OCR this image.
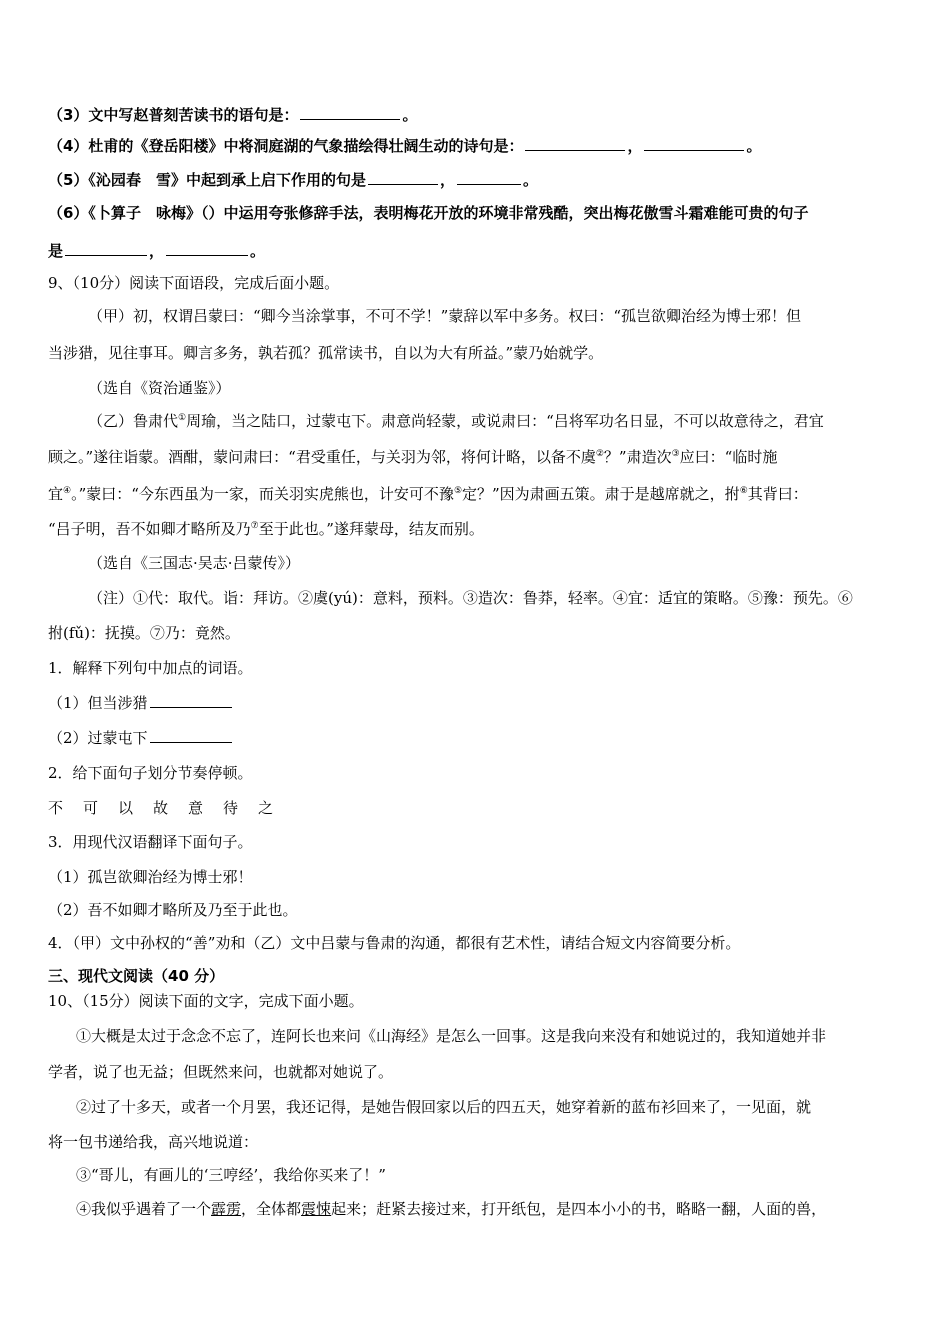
（3）文中写赵普刻苦读书的语句是：	。
（4）杜甫的《登岳阳楼》中将洞庭湖的气象描绘得壮阔生动的诗句是：	，	。
（5）《沁园春　雪》中起到承上启下作用的句是	，	。
（6）《卜算子　咏梅》（）中运用夸张修辞手法，表明梅花开放的环境非常残酷，突出梅花傲雪斗霜难能可贵的句子
是	，	。
9、（10分）阅读下面语段，完成后面小题。
（甲）初，权谓吕蒙曰：“卿今当涂掌事，不可不学！”蒙辞以军中多务。权曰：“孤岂欲卿治经为博士邪！但
当涉猎，见往事耳。卿言多务，孰若孤？孤常读书，自以为大有所益。”蒙乃始就学。
（选自《资治通鉴》）
（乙）鲁肃代①周瑜，当之陆口，过蒙屯下。肃意尚轻蒙，或说肃曰：“吕将军功名日显，不可以故意待之，君宜
顾之。”遂往诣蒙。酒酣，蒙问肃曰：“君受重任，与关羽为邻，将何计略，以备不虞②？”肃造次③应曰：“临时施
宜④。”蒙曰：“今东西虽为一家，而关羽实虎熊也，计安可不豫⑤定？”因为肃画五策。肃于是越席就之，拊⑥其背曰：
“吕子明，吾不如卿才略所及乃⑦至于此也。”遂拜蒙母，结友而别。
（选自《三国志·吴志·吕蒙传》）
（注）①代：取代。诣：拜访。②虞(yú)：意料，预料。③造次：鲁莽，轻率。④宜：适宜的策略。⑤豫：预先。⑥
拊(fǔ)：抚摸。⑦乃：竟然。
1．解释下列句中加点的词语。
（1）但当涉猎
（2）过蒙屯下
2．给下面句子划分节奏停顿。
不可以故意待之
3．用现代汉语翻译下面句子。
（1）孤岂欲卿治经为博士邪！
（2）吾不如卿才略所及乃至于此也。
4．（甲）文中孙权的“善”劝和（乙）文中吕蒙与鲁肃的沟通，都很有艺术性，请结合短文内容简要分析。
三、现代文阅读（40 分）
10、（15分）阅读下面的文字，完成下面小题。
①大概是太过于念念不忘了，连阿长也来问《山海经》是怎么一回事。这是我向来没有和她说过的，我知道她并非
学者，说了也无益；但既然来问，也就都对她说了。
②过了十多天，或者一个月罢，我还记得，是她告假回家以后的四五天，她穿着新的蓝布衫回来了，一见面，就
将一包书递给我，高兴地说道：
③“哥儿，有画儿的‘三哼经’，我给你买来了！”
④我似乎遇着了一个霹雳，全体都震悚起来；赶紧去接过来，打开纸包，是四本小小的书，略略一翻，人面的兽，
